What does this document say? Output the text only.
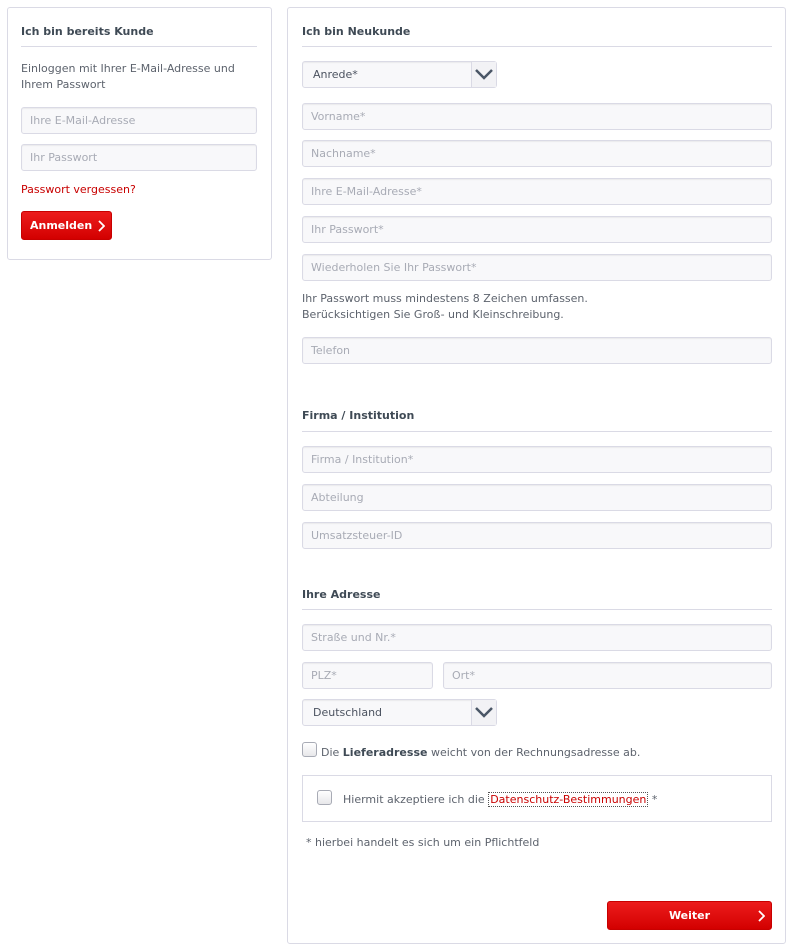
Ich bin bereits Kunde
Einloggen mit Ihrer E-Mail-Adresse und Ihrem Passwort
Ihre E-Mail-Adresse
Ihr Passwort
Passwort vergessen?
Anmelden
Ich bin Neukunde
Anrede*
Vorname*
Nachname*
Ihre E-Mail-Adresse*
Ihr Passwort*
Wiederholen Sie Ihr Passwort*
Ihr Passwort muss mindestens 8 Zeichen umfassen.
Berücksichtigen Sie Groß- und Kleinschreibung.
Telefon
Firma / Institution
Firma / Institution*
Abteilung
Umsatzsteuer-ID
Ihre Adresse
Straße und Nr.*
PLZ*	Ort*
Deutschland
Die Lieferadresse weicht von der Rechnungsadresse ab.
Hiermit akzeptiere ich die Datenschutz-Bestimmungen *
* hierbei handelt es sich um ein Pflichtfeld
Weiter
